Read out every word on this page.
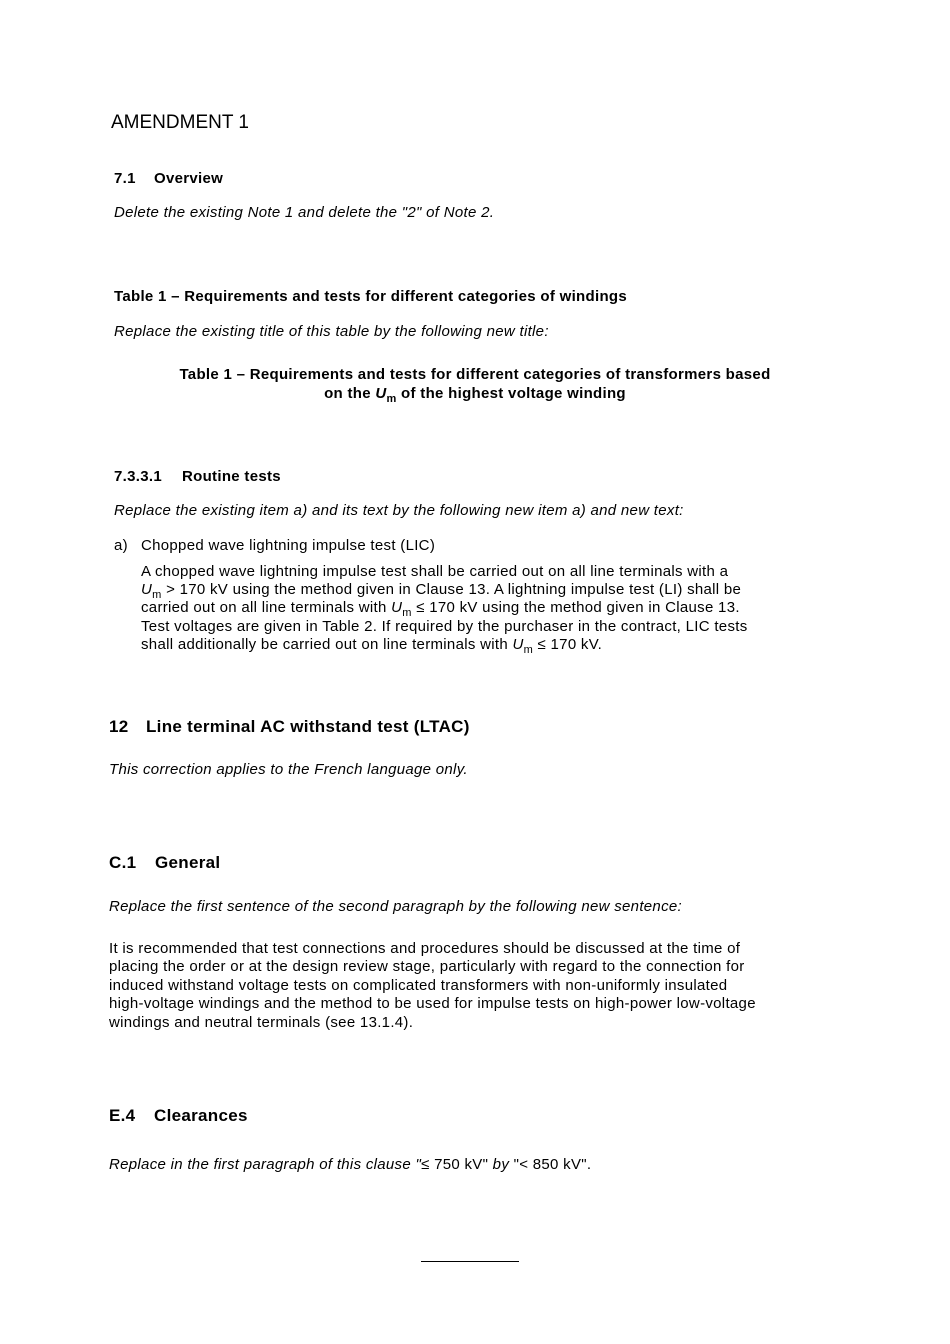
AMENDMENT 1
7.1 Overview
Delete the existing Note 1 and delete the "2" of Note 2.
Table 1 – Requirements and tests for different categories of windings
Replace the existing title of this table by the following new title:
Table 1 – Requirements and tests for different categories of transformers based
on the $U_m$ of the highest voltage winding
7.3.3.1 Routine tests
Replace the existing item a) and its text by the following new item a) and new text:
a) Chopped wave lightning impulse test (LIC)
A chopped wave lightning impulse test shall be carried out on all line terminals with a
$U_m > 170$ kV using the method given in Clause 13. A lightning impulse test (LI) shall be
carried out on all line terminals with $U_m \le 170$ kV using the method given in Clause 13.
Test voltages are given in Table 2. If required by the purchaser in the contract, LIC tests
shall additionally be carried out on line terminals with $U_m \le 170$ kV.
12 Line terminal AC withstand test (LTAC)
This correction applies to the French language only.
C.1 General
Replace the first sentence of the second paragraph by the following new sentence:
It is recommended that test connections and procedures should be discussed at the time of
placing the order or at the design review stage, particularly with regard to the connection for
induced withstand voltage tests on complicated transformers with non-uniformly insulated
high-voltage windings and the method to be used for impulse tests on high-power low-voltage
windings and neutral terminals (see 13.1.4).
E.4 Clearances
Replace in the first paragraph of this clause "≤ 750 kV" by "< 850 kV".
